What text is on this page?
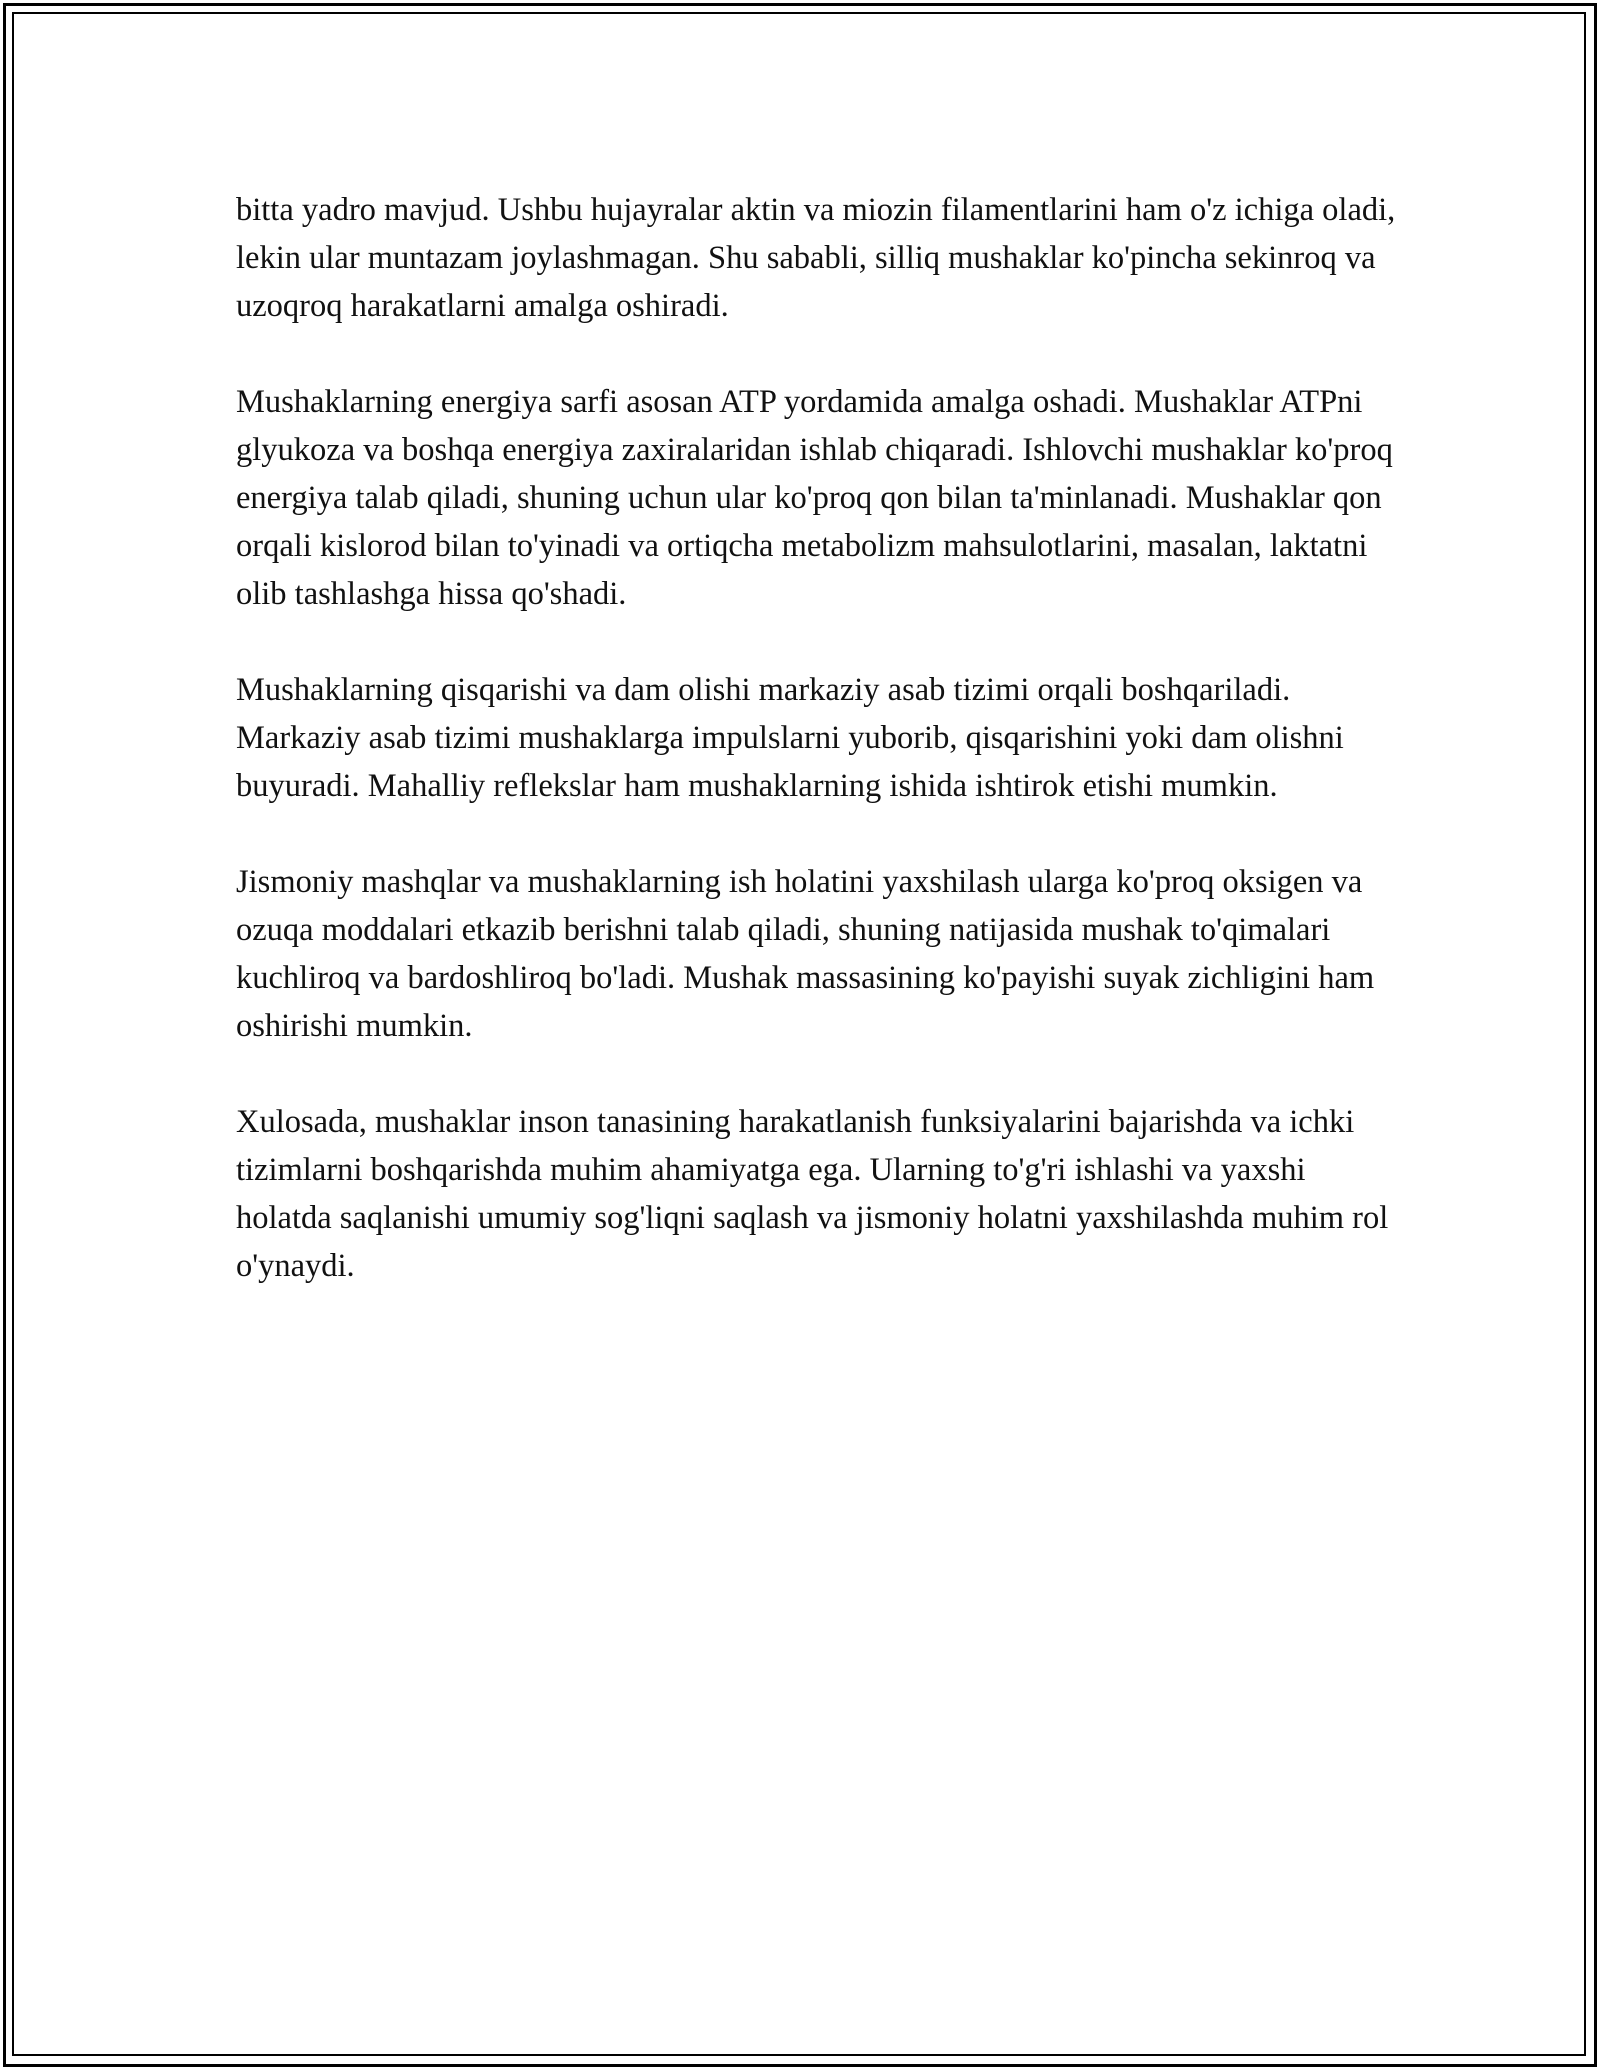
bitta yadro mavjud. Ushbu hujayralar aktin va miozin filamentlarini ham o'z ichiga oladi, lekin ular muntazam joylashmagan. Shu sababli, silliq mushaklar ko'pincha sekinroq va uzoqroq harakatlarni amalga oshiradi.

Mushaklarning energiya sarfi asosan ATP yordamida amalga oshadi. Mushaklar ATPni glyukoza va boshqa energiya zaxiralaridan ishlab chiqaradi. Ishlovchi mushaklar ko'proq energiya talab qiladi, shuning uchun ular ko'proq qon bilan ta'minlanadi. Mushaklar qon orqali kislorod bilan to'yinadi va ortiqcha metabolizm mahsulotlarini, masalan, laktatni olib tashlashga hissa qo'shadi.

Mushaklarning qisqarishi va dam olishi markaziy asab tizimi orqali boshqariladi. Markaziy asab tizimi mushaklarga impulslarni yuborib, qisqarishini yoki dam olishni buyuradi. Mahalliy reflekslar ham mushaklarning ishida ishtirok etishi mumkin.

Jismoniy mashqlar va mushaklarning ish holatini yaxshilash ularga ko'proq oksigen va ozuqa moddalari etkazib berishni talab qiladi, shuning natijasida mushak to'qimalari kuchliroq va bardoshliroq bo'ladi. Mushak massasining ko'payishi suyak zichligini ham oshirishi mumkin.

Xulosada, mushaklar inson tanasining harakatlanish funksiyalarini bajarishda va ichki tizimlarni boshqarishda muhim ahamiyatga ega. Ularning to'g'ri ishlashi va yaxshi holatda saqlanishi umumiy sog'liqni saqlash va jismoniy holatni yaxshilashda muhim rol o'ynaydi.
